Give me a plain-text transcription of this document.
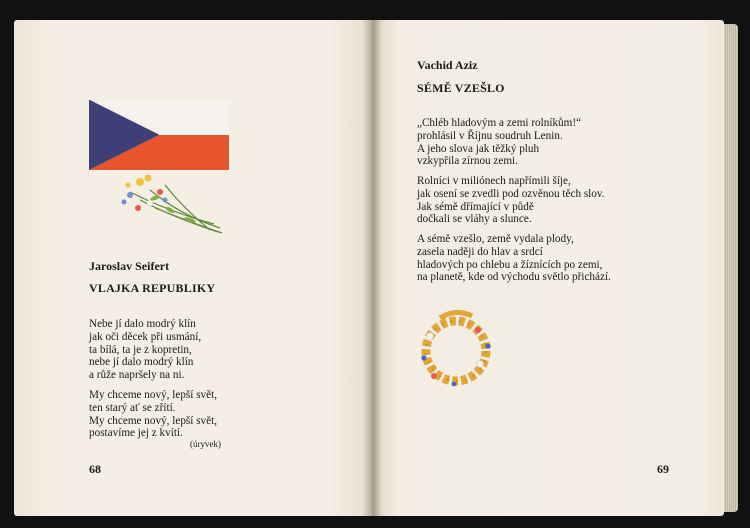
Jaroslav Seifert
VLAJKA REPUBLIKY
Nebe jí dalo modrý klín
jak oči děcek při usmání,
ta bílá, ta je z kopretin,
nebe jí dalo modrý klín
a růže napršely na ni.
My chceme nový, lepší svět,
ten starý ať se zřítí.
My chceme nový, lepší svět,
postavíme jej z kvítí.
(úryvek)
68
Vachid Aziz
SÉMĚ VZEŠLO
„Chléb hladovým a zemi rolníkům!“
prohlásil v Říjnu soudruh Lenin.
A jeho slova jak těžký pluh
vzkypřila zírnou zemi.
Rolníci v miliónech napřímili šíje,
jak osení se zvedli pod ozvěnou těch slov.
Jak sémě dřímající v půdě
dočkali se vláhy a slunce.
A sémě vzešlo, země vydala plody,
zasela naději do hlav a srdcí
hladových po chlebu a žíznících po zemi,
na planetě, kde od východu světlo přichází.
69
